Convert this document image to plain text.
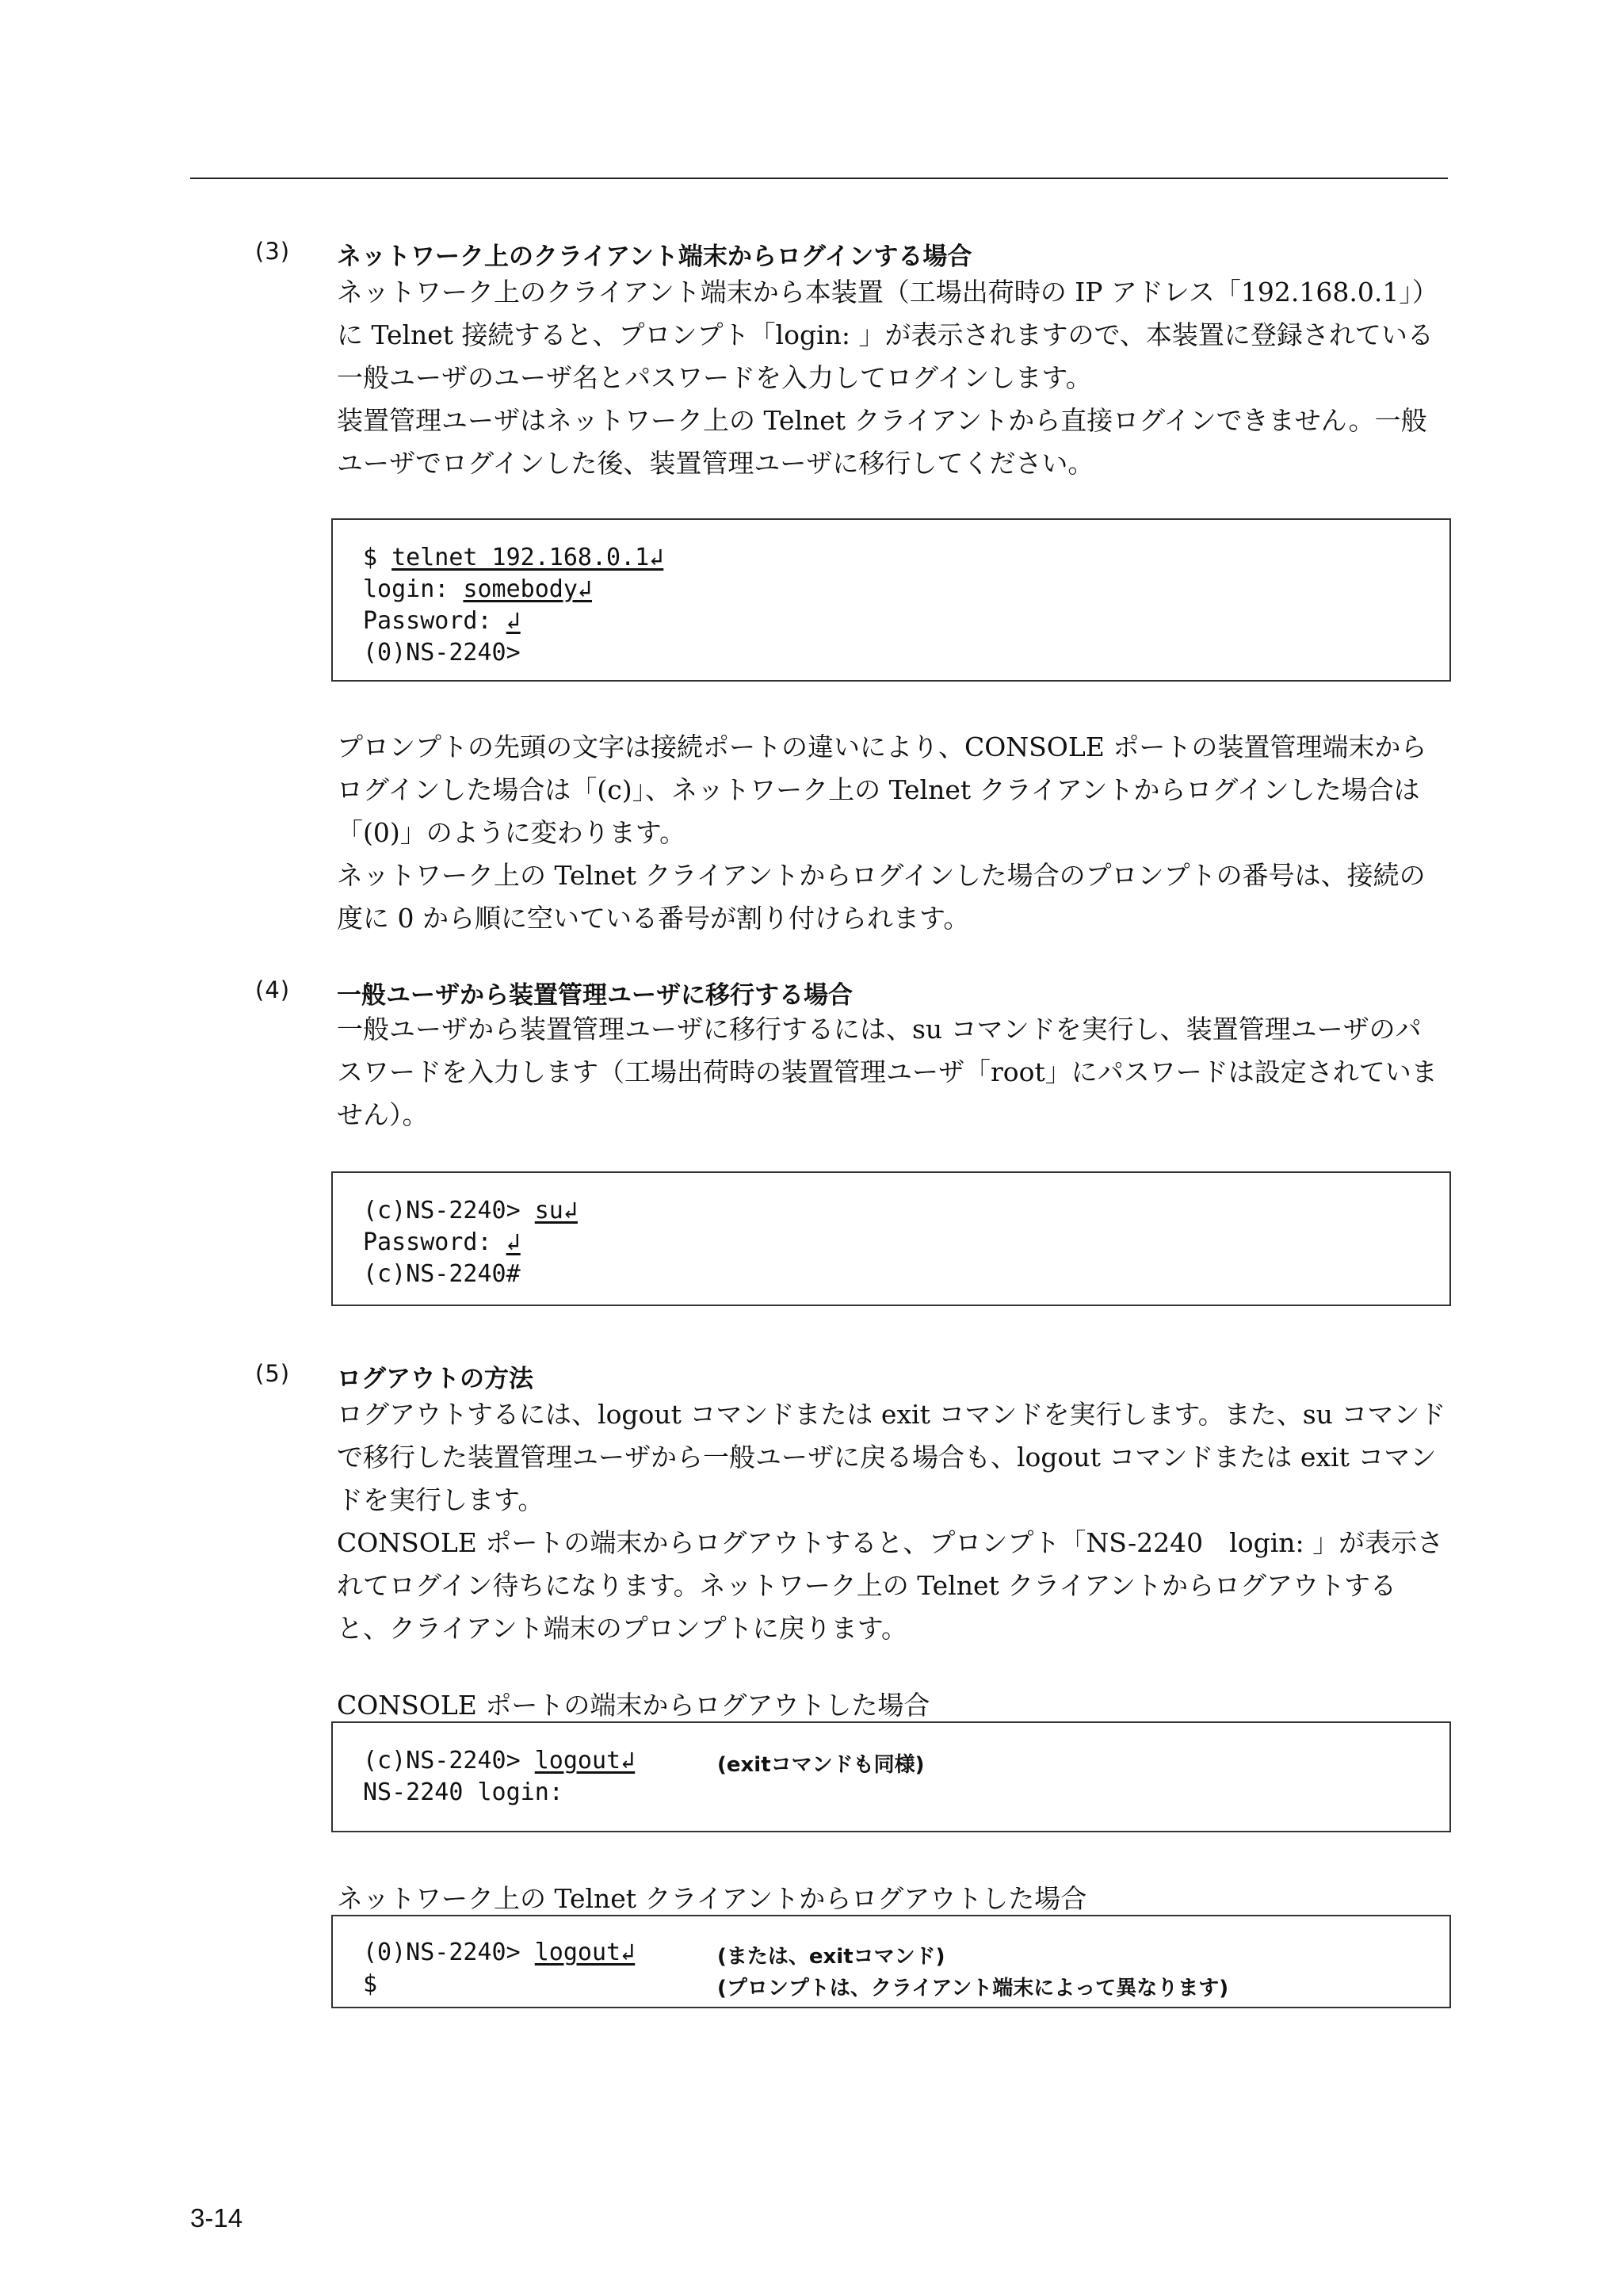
(3) ネットワーク上のクライアント端末からログインする場合

ネットワーク上のクライアント端末から本装置（工場出荷時の IP アドレス「192.168.0.1」）に Telnet 接続すると、プロンプト「login: 」が表示されますので、本装置に登録されている一般ユーザのユーザ名とパスワードを入力してログインします。

装置管理ユーザはネットワーク上の Telnet クライアントから直接ログインできません。一般ユーザでログインした後、装置管理ユーザに移行してください。

$ telnet 192.168.0.1↲
login: somebody↲
Password: ↲
(0)NS-2240>

プロンプトの先頭の文字は接続ポートの違いにより、CONSOLE ポートの装置管理端末からログインした場合は「(c)」、ネットワーク上の Telnet クライアントからログインした場合は「(0)」のように変わります。

ネットワーク上の Telnet クライアントからログインした場合のプロンプトの番号は、接続の度に 0 から順に空いている番号が割り付けられます。

(4) 一般ユーザから装置管理ユーザに移行する場合

一般ユーザから装置管理ユーザに移行するには、su コマンドを実行し、装置管理ユーザのパスワードを入力します（工場出荷時の装置管理ユーザ「root」にパスワードは設定されていません）。

(c)NS-2240> su↲
Password: ↲
(c)NS-2240#
(5) ログアウトの方法

ログアウトするには、logout コマンドまたは exit コマンドを実行します。また、su コマンドで移行した装置管理ユーザから一般ユーザに戻る場合も、logout コマンドまたは exit コマンドを実行します。

CONSOLE ポートの端末からログアウトすると、プロンプト「NS-2240　login: 」が表示されてログイン待ちになります。ネットワーク上の Telnet クライアントからログアウトすると、クライアント端末のプロンプトに戻ります。

CONSOLE ポートの端末からログアウトした場合
(c)NS-2240> logout↲
NS-2240 login:
(exitコマンドも同様)
ネットワーク上の Telnet クライアントからログアウトした場合
(0)NS-2240> logout↲
$
(または、exitコマンド)
(プロンプトは、クライアント端末によって異なります)
3-14
